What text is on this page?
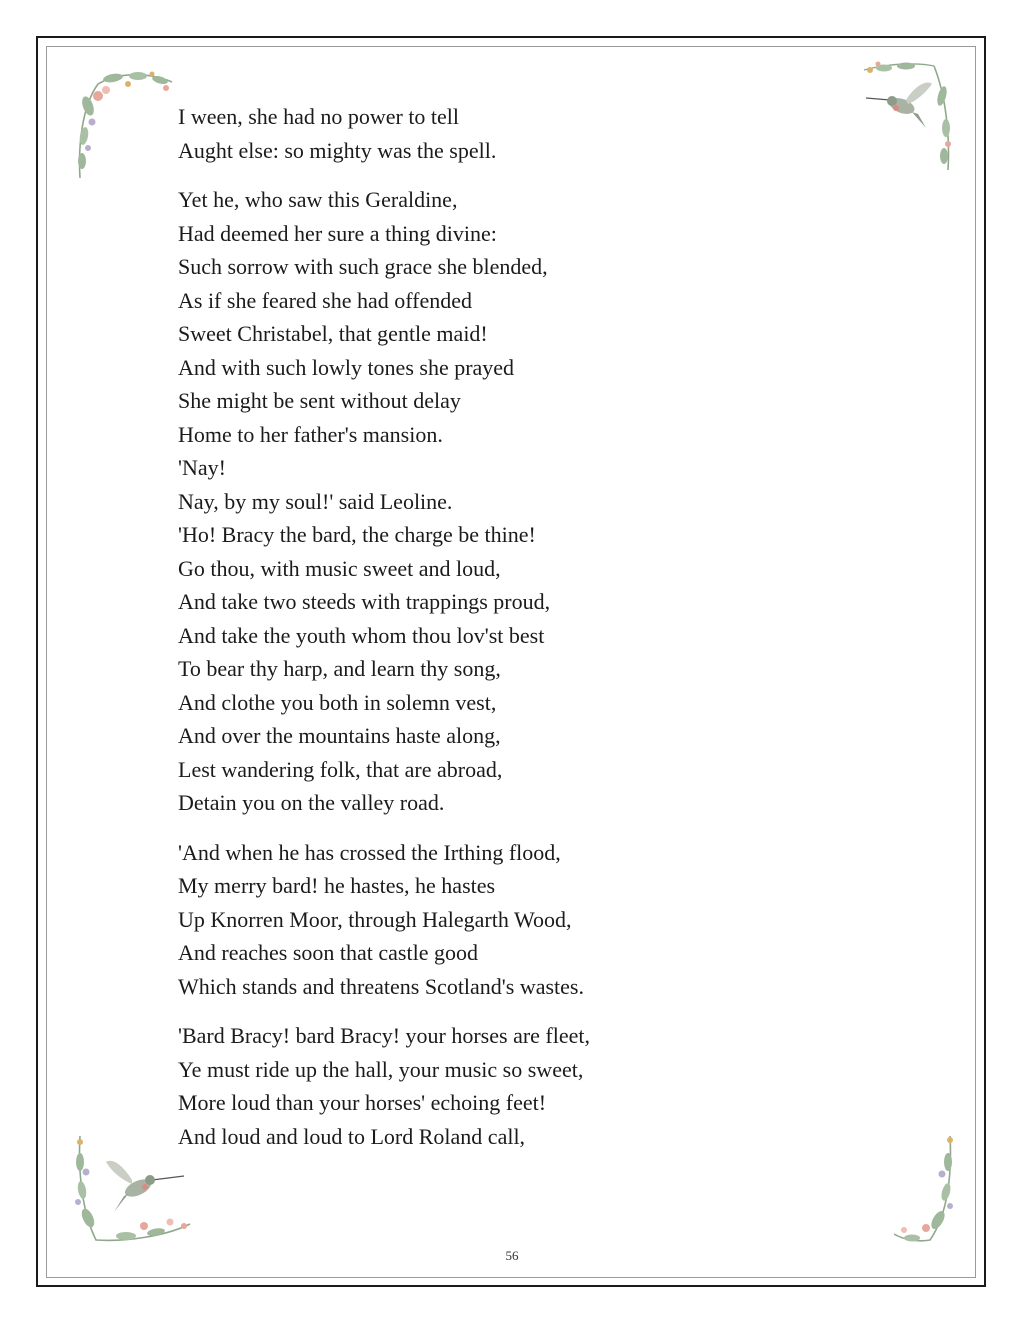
I ween, she had no power to tell
Aught else: so mighty was the spell.
Yet he, who saw this Geraldine,
Had deemed her sure a thing divine:
Such sorrow with such grace she blended,
As if she feared she had offended
Sweet Christabel, that gentle maid!
And with such lowly tones she prayed
She might be sent without delay
Home to her father's mansion.
'Nay!
Nay, by my soul!' said Leoline.
'Ho! Bracy the bard, the charge be thine!
Go thou, with music sweet and loud,
And take two steeds with trappings proud,
And take the youth whom thou lov'st best
To bear thy harp, and learn thy song,
And clothe you both in solemn vest,
And over the mountains haste along,
Lest wandering folk, that are abroad,
Detain you on the valley road.
'And when he has crossed the Irthing flood,
My merry bard! he hastes, he hastes
Up Knorren Moor, through Halegarth Wood,
And reaches soon that castle good
Which stands and threatens Scotland's wastes.
'Bard Bracy! bard Bracy! your horses are fleet,
Ye must ride up the hall, your music so sweet,
More loud than your horses' echoing feet!
And loud and loud to Lord Roland call,
56
